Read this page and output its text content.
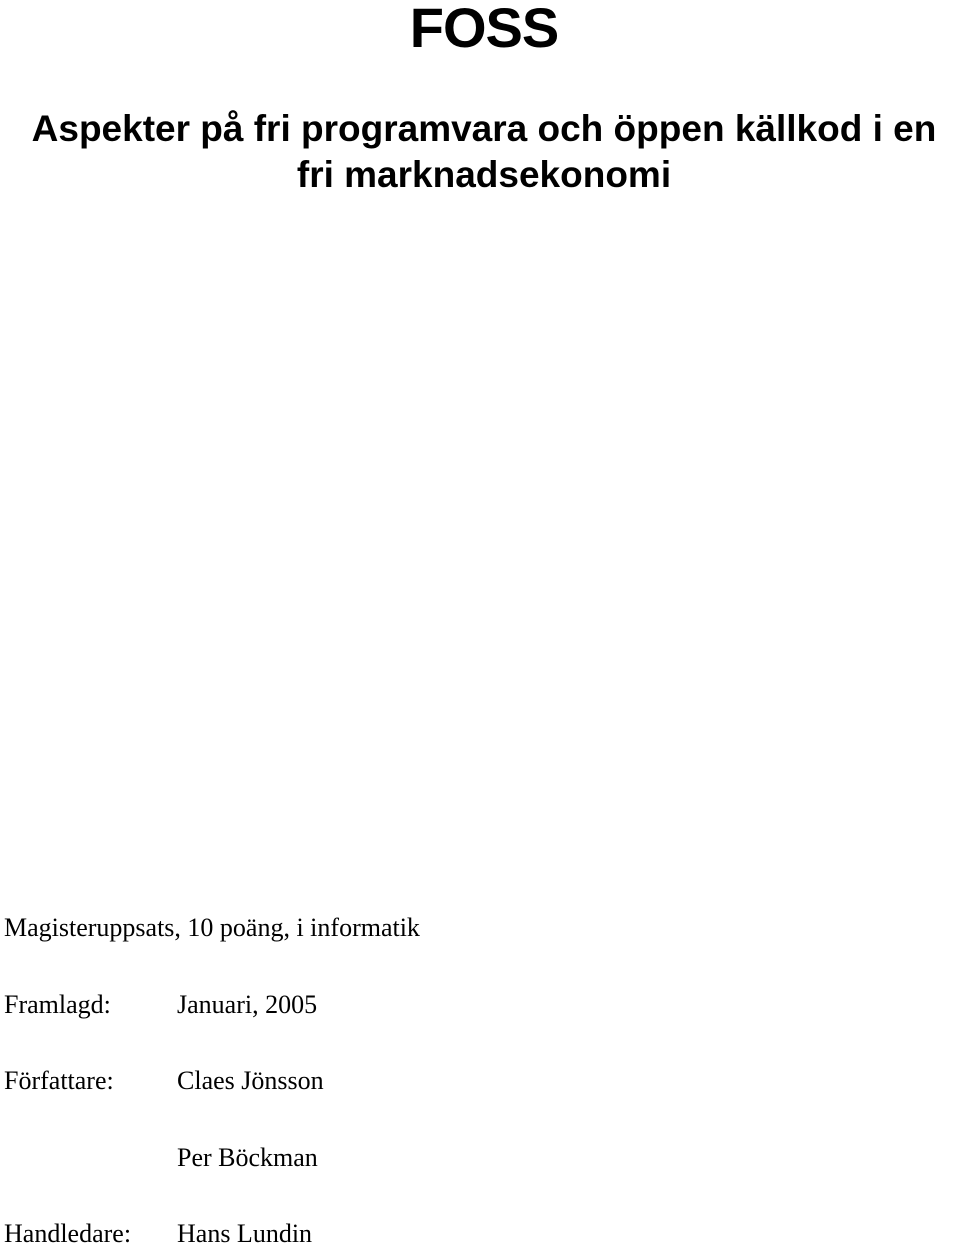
FOSS
Aspekter på fri programvara och öppen källkod i en
fri marknadsekonomi

Magisteruppsats, 10 poäng, i informatik

Framlagd:	Januari, 2005

Författare: Claes Jönsson

Per Böckman

Handledare: Hans Lundin
